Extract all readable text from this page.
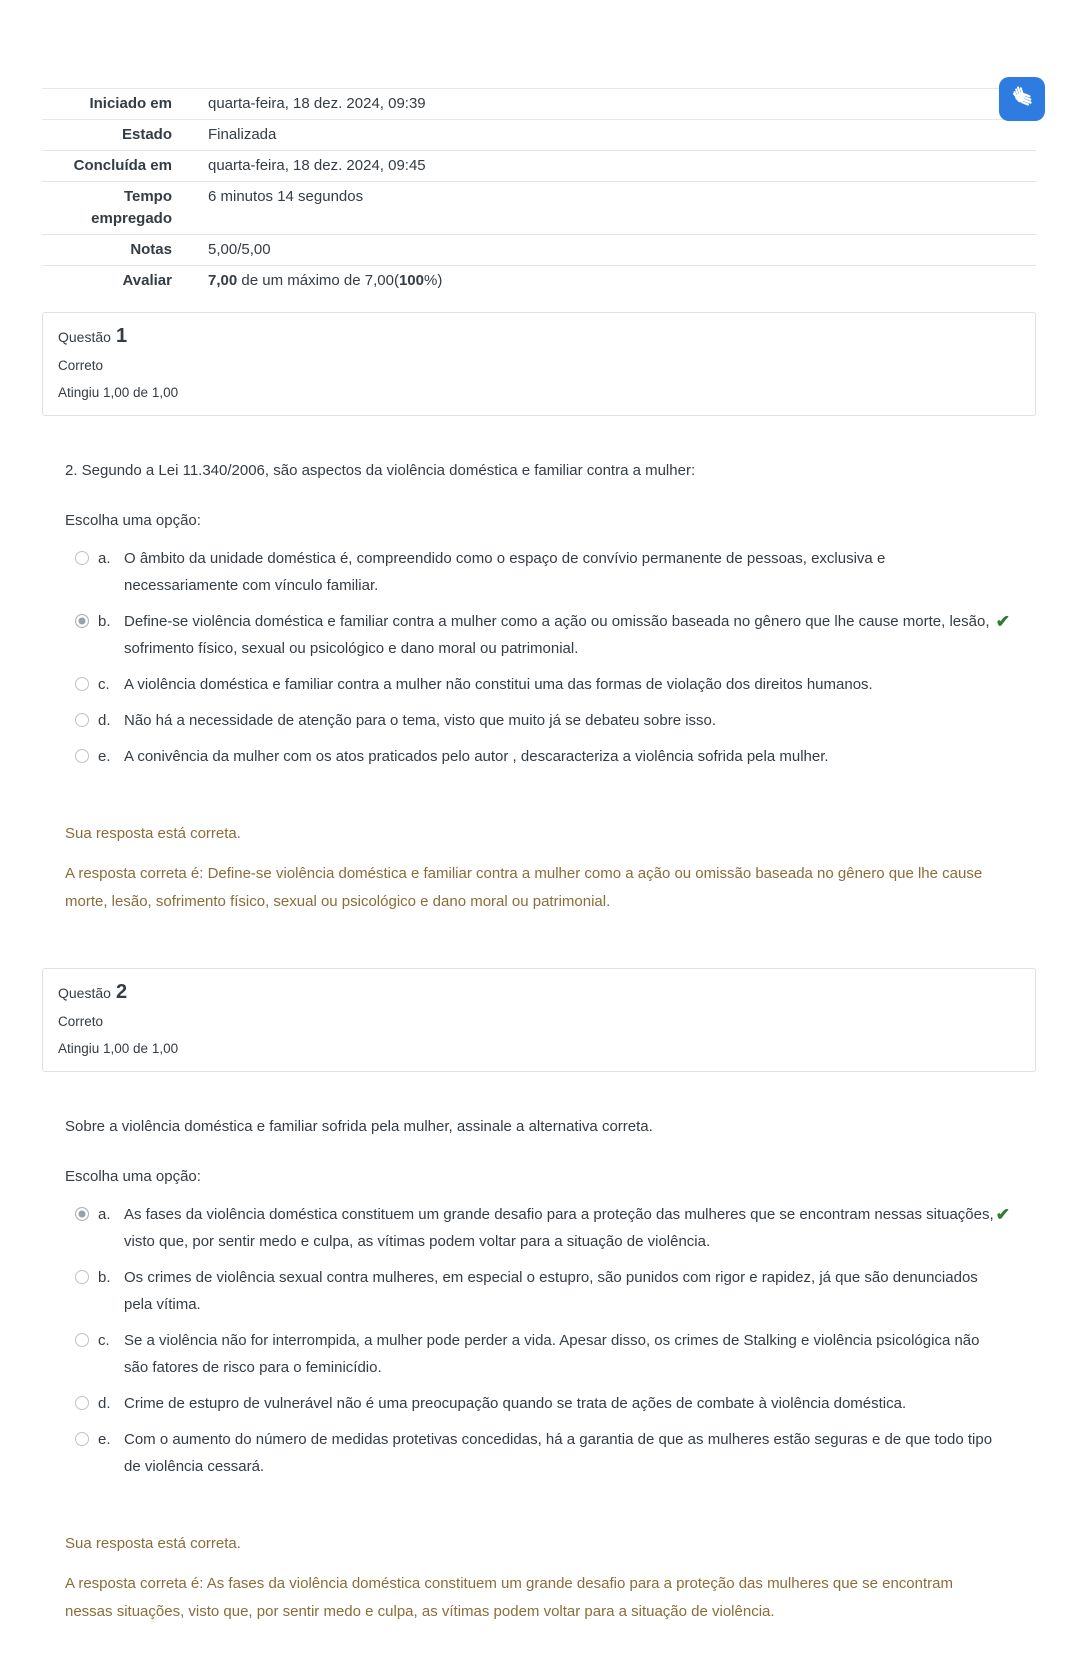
Iniciado em	quarta-feira, 18 dez. 2024, 09:39
Estado	Finalizada
Concluída em	quarta-feira, 18 dez. 2024, 09:45
Tempo empregado	6 minutos 14 segundos
Notas	5,00/5,00
Avaliar	7,00 de um máximo de 7,00(100%)
Questão 1
Correto
Atingiu 1,00 de 1,00
2. Segundo a Lei 11.340/2006, são aspectos da violência doméstica e familiar contra a mulher:
Escolha uma opção:
a. O âmbito da unidade doméstica é, compreendido como o espaço de convívio permanente de pessoas, exclusiva e necessariamente com vínculo familiar.
b. Define-se violência doméstica e familiar contra a mulher como a ação ou omissão baseada no gênero que lhe cause morte, lesão, sofrimento físico, sexual ou psicológico e dano moral ou patrimonial.
✔
c. A violência doméstica e familiar contra a mulher não constitui uma das formas de violação dos direitos humanos.
d. Não há a necessidade de atenção para o tema, visto que muito já se debateu sobre isso.
e. A conivência da mulher com os atos praticados pelo autor , descaracteriza a violência sofrida pela mulher.
Sua resposta está correta.
A resposta correta é: Define-se violência doméstica e familiar contra a mulher como a ação ou omissão baseada no gênero que lhe cause morte, lesão, sofrimento físico, sexual ou psicológico e dano moral ou patrimonial.
Questão 2
Correto
Atingiu 1,00 de 1,00
Sobre a violência doméstica e familiar sofrida pela mulher, assinale a alternativa correta.
Escolha uma opção:
a. As fases da violência doméstica constituem um grande desafio para a proteção das mulheres que se encontram nessas situações, visto que, por sentir medo e culpa, as vítimas podem voltar para a situação de violência.
✔
b. Os crimes de violência sexual contra mulheres, em especial o estupro, são punidos com rigor e rapidez, já que são denunciados pela vítima.
c. Se a violência não for interrompida, a mulher pode perder a vida. Apesar disso, os crimes de Stalking e violência psicológica não são fatores de risco para o feminicídio.
d. Crime de estupro de vulnerável não é uma preocupação quando se trata de ações de combate à violência doméstica.
e. Com o aumento do número de medidas protetivas concedidas, há a garantia de que as mulheres estão seguras e de que todo tipo de violência cessará.
Sua resposta está correta.
A resposta correta é: As fases da violência doméstica constituem um grande desafio para a proteção das mulheres que se encontram nessas situações, visto que, por sentir medo e culpa, as vítimas podem voltar para a situação de violência.
